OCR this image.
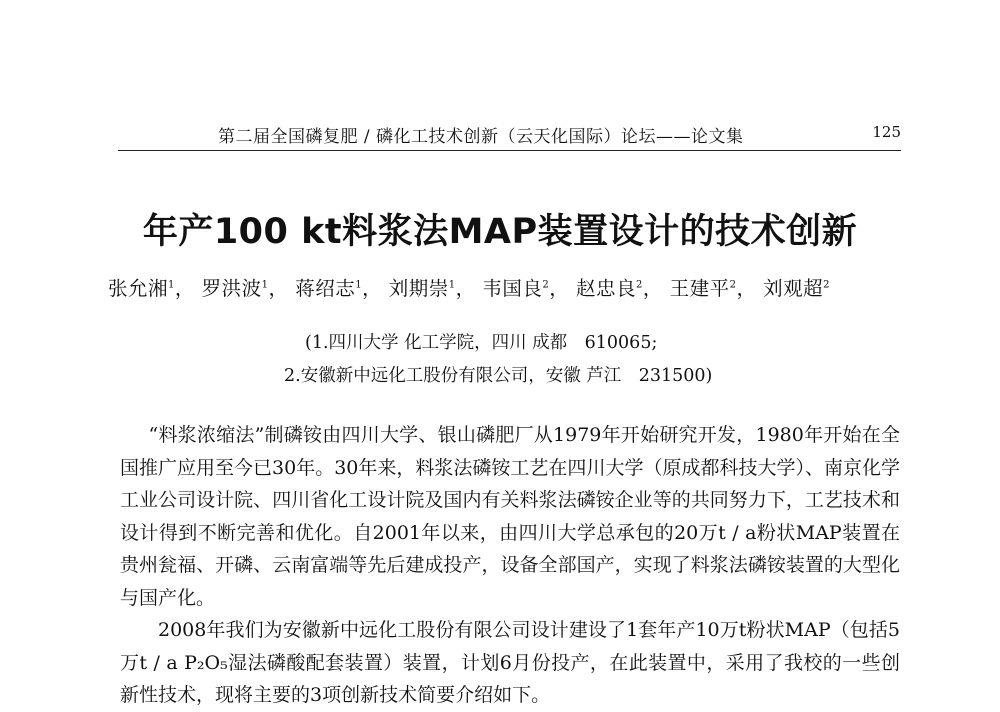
第二届全国磷复肥 / 磷化工技术创新（云天化国际）论坛——论文集	125
年产100 kt料浆法MAP装置设计的技术创新
张允湘$^1$， 罗洪波$^1$， 蒋绍志$^1$， 刘期崇$^1$， 韦国良$^2$， 赵忠良$^2$， 王建平$^2$， 刘观超$^2$
(1.四川大学 化工学院，四川 成都　610065;
2.安徽新中远化工股份有限公司，安徽 芦江　231500)

“料浆浓缩法”制磷铵由四川大学、银山磷肥厂从1979年开始研究开发，1980年开始在全国推广应用至今已30年。30年来，料浆法磷铵工艺在四川大学（原成都科技大学）、南京化学工业公司设计院、四川省化工设计院及国内有关料浆法磷铵企业等的共同努力下，工艺技术和设计得到不断完善和优化。自2001年以来，由四川大学总承包的20万t / a粉状MAP装置在贵州瓮福、开磷、云南富端等先后建成投产，设备全部国产，实现了料浆法磷铵装置的大型化与国产化。

2008年我们为安徽新中远化工股份有限公司设计建设了1套年产10万t粉状MAP（包括5万t / a P₂O₅湿法磷酸配套装置）装置，计划6月份投产，在此装置中，采用了我校的一些创新性技术，现将主要的3项创新技术简要介绍如下。
